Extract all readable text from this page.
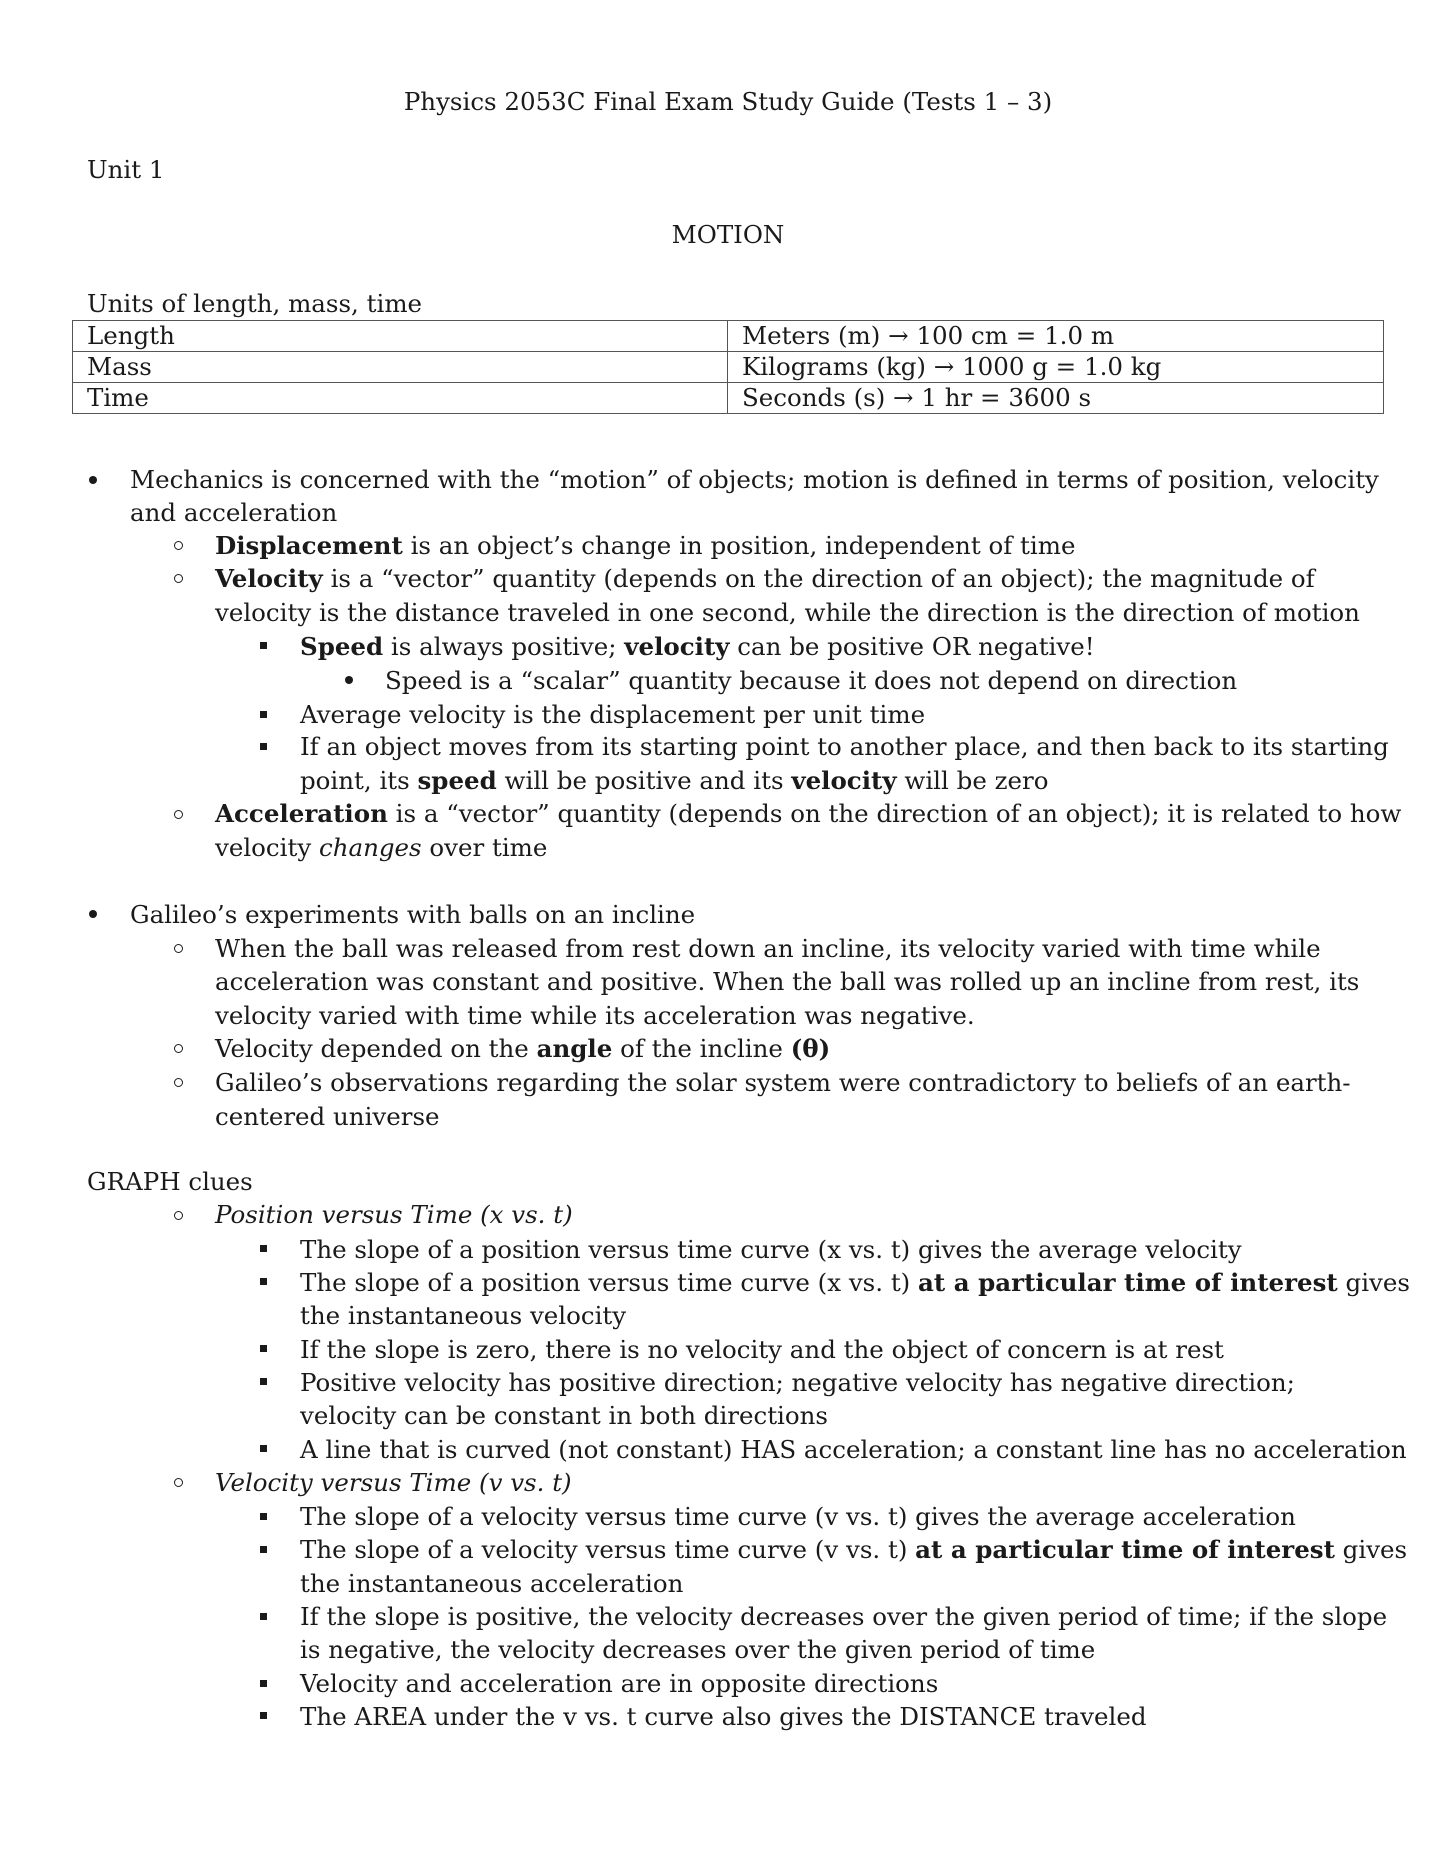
Physics 2053C Final Exam Study Guide (Tests 1 – 3)
Unit 1
MOTION
Units of length, mass, time
Length	Meters (m) → 100 cm = 1.0 m
Mass	Kilograms (kg) → 1000 g = 1.0 kg
Time	Seconds (s) → 1 hr = 3600 s
Mechanics is concerned with the “motion” of objects; motion is defined in terms of position, velocity
and acceleration
Displacement is an object’s change in position, independent of time
Velocity is a “vector” quantity (depends on the direction of an object); the magnitude of
velocity is the distance traveled in one second, while the direction is the direction of motion
Speed is always positive; velocity can be positive OR negative!
Speed is a “scalar” quantity because it does not depend on direction
Average velocity is the displacement per unit time
If an object moves from its starting point to another place, and then back to its starting
point, its speed will be positive and its velocity will be zero
Acceleration is a “vector” quantity (depends on the direction of an object); it is related to how
velocity changes over time
Galileo’s experiments with balls on an incline
When the ball was released from rest down an incline, its velocity varied with time while
acceleration was constant and positive. When the ball was rolled up an incline from rest, its
velocity varied with time while its acceleration was negative.
Velocity depended on the angle of the incline (θ)
Galileo’s observations regarding the solar system were contradictory to beliefs of an earth-
centered universe
GRAPH clues
Position versus Time (x vs. t)
The slope of a position versus time curve (x vs. t) gives the average velocity
The slope of a position versus time curve (x vs. t) at a particular time of interest gives
the instantaneous velocity
If the slope is zero, there is no velocity and the object of concern is at rest
Positive velocity has positive direction; negative velocity has negative direction;
velocity can be constant in both directions
A line that is curved (not constant) HAS acceleration; a constant line has no acceleration
Velocity versus Time (v vs. t)
The slope of a velocity versus time curve (v vs. t) gives the average acceleration
The slope of a velocity versus time curve (v vs. t) at a particular time of interest gives
the instantaneous acceleration
If the slope is positive, the velocity decreases over the given period of time; if the slope
is negative, the velocity decreases over the given period of time
Velocity and acceleration are in opposite directions
The AREA under the v vs. t curve also gives the DISTANCE traveled
